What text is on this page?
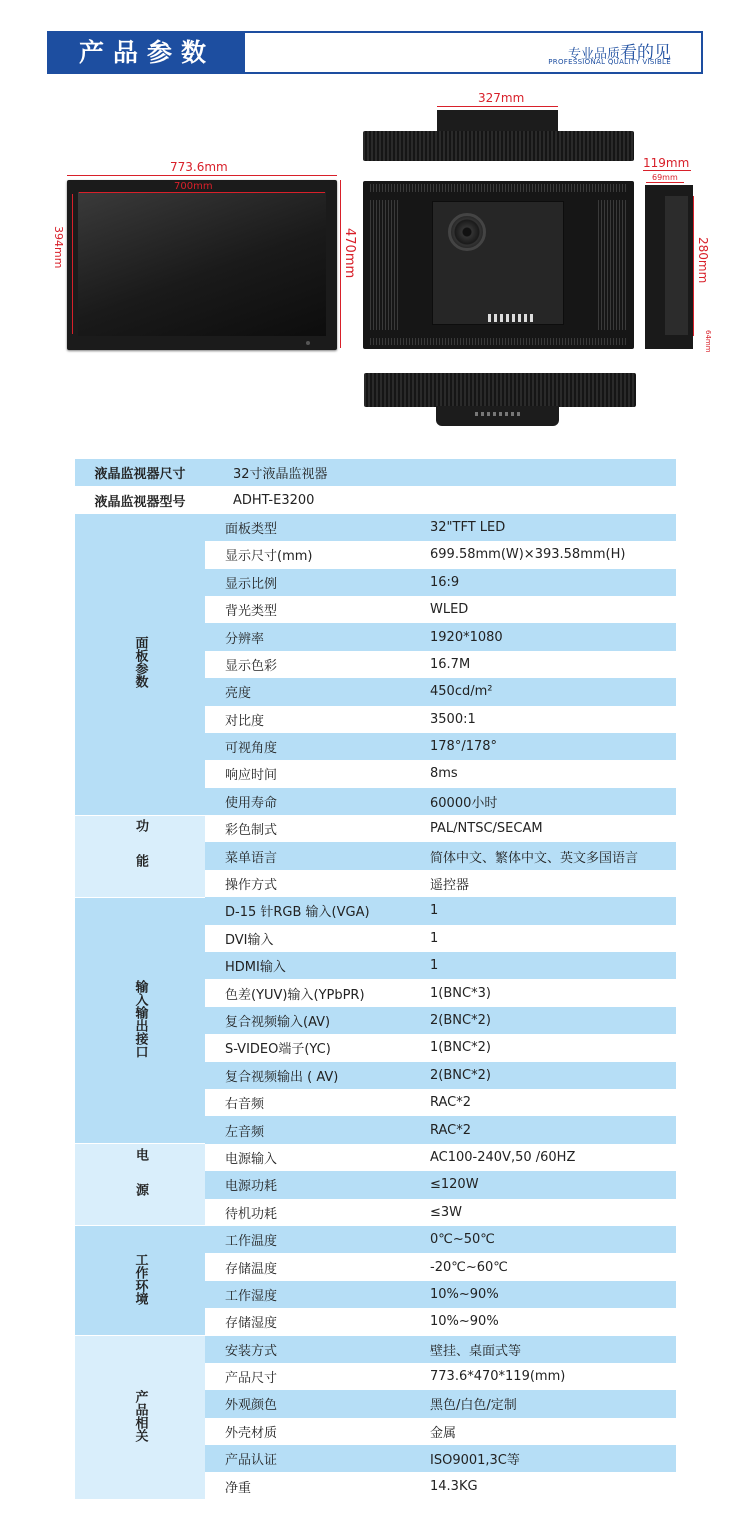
产品参数	专业品质看的见
PROFESSIONAL QUALITY VISIBLE
773.6mm
700mm
394mm	470mm
327mm
119mm
69mm
280mm
64mm
液晶监视器尺寸	32寸液晶监视器	
液晶监视器型号	ADHT-E3200	
面板参数	面板类型	32"TFT LED
	显示尺寸(mm)	699.58mm(W)×393.58mm(H)
	显示比例	16:9
	背光类型	WLED
	分辨率	1920*1080
	显示色彩	16.7M
	亮度	450cd/m²
	对比度	3500:1
	可视角度	178°/178°
	响应时间	8ms
	使用寿命	60000小时
功能	彩色制式	PAL/NTSC/SECAM
	菜单语言	简体中文、繁体中文、英文多国语言
	操作方式	遥控器
输入输出接口	D-15 针RGB 输入(VGA)	1
	DVI输入	1
	HDMI输入	1
	色差(YUV)输入(YPbPR)	1(BNC*3)
	复合视频输入(AV)	2(BNC*2)
	S-VIDEO端子(YC)	1(BNC*2)
	复合视频输出 ( AV)	2(BNC*2)
	右音频	RAC*2
	左音频	RAC*2
电源	电源输入	AC100-240V,50 /60HZ
	电源功耗	≤120W
	待机功耗	≤3W
工作环境	工作温度	0℃~50℃
	存储温度	-20℃~60℃
	工作湿度	10%~90%
	存储湿度	10%~90%
产品相关	安装方式	壁挂、桌面式等
	产品尺寸	773.6*470*119(mm)
	外观颜色	黑色/白色/定制
	外壳材质	金属
	产品认证	ISO9001,3C等
	净重	14.3KG
